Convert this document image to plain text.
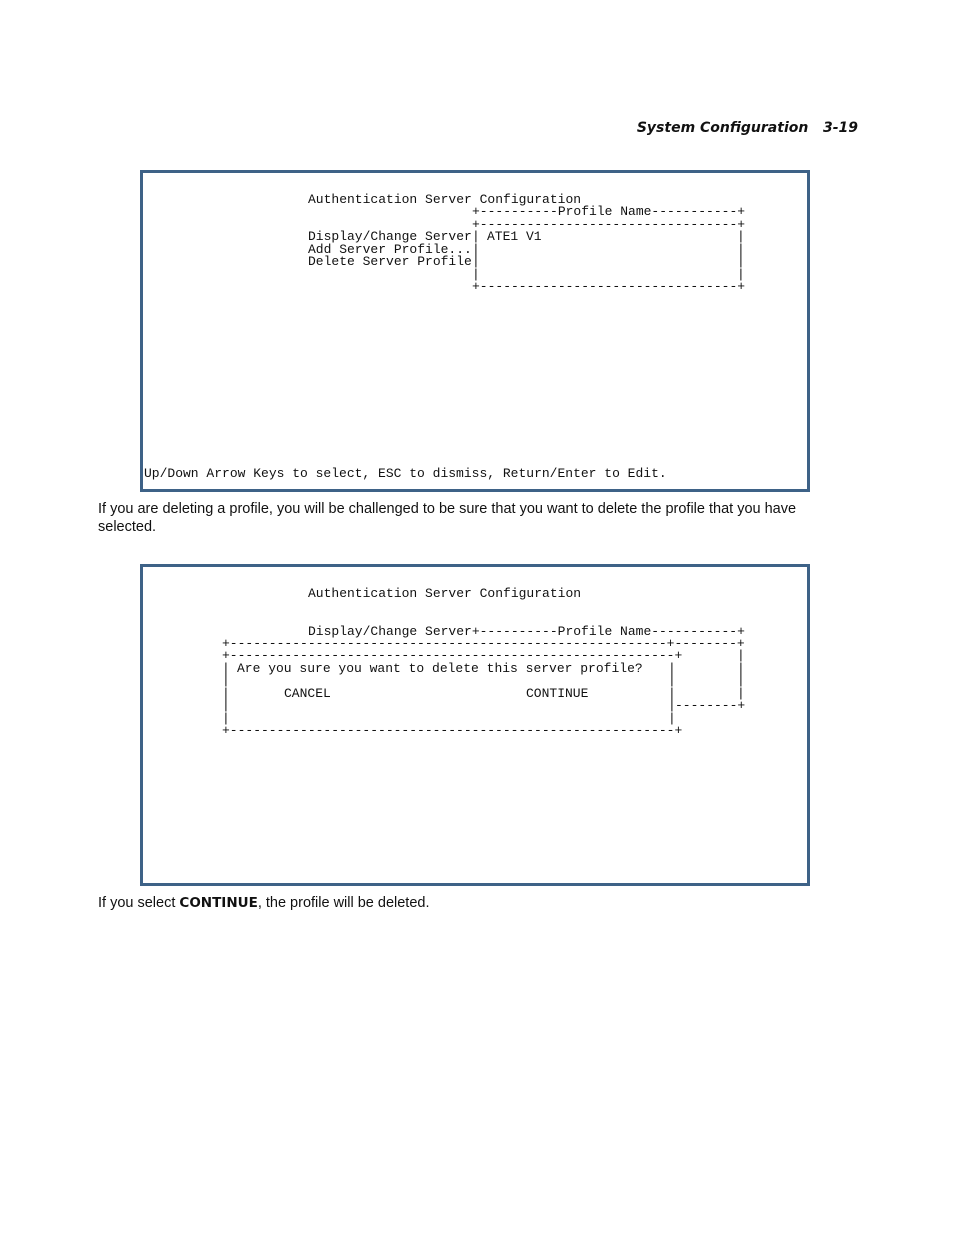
System Configuration   3-19
Authentication Server Configuration
+----------Profile Name-----------+
+---------------------------------+
Display/Change Server
Add Server Profile...
Delete Server Profile
|
|
|
|
|
|
|
|
ATE1 V1
+---------------------------------+
Up/Down Arrow Keys to select, ESC to dismiss, Return/Enter to Edit.

If you are deleting a profile, you will be challenged to be sure that you want to delete the profile that you have selected.

Authentication Server Configuration
Display/Change Server+----------Profile Name-----------+
+--------------------------------------------------------+--------+
+---------------------------------------------------------+
|
|
|
|
|
|
|
|
|
|
|
|
|
|
Are you sure you want to delete this server profile?
CANCEL	CONTINUE
--------+
+---------------------------------------------------------+

If you select CONTINUE, the profile will be deleted.
